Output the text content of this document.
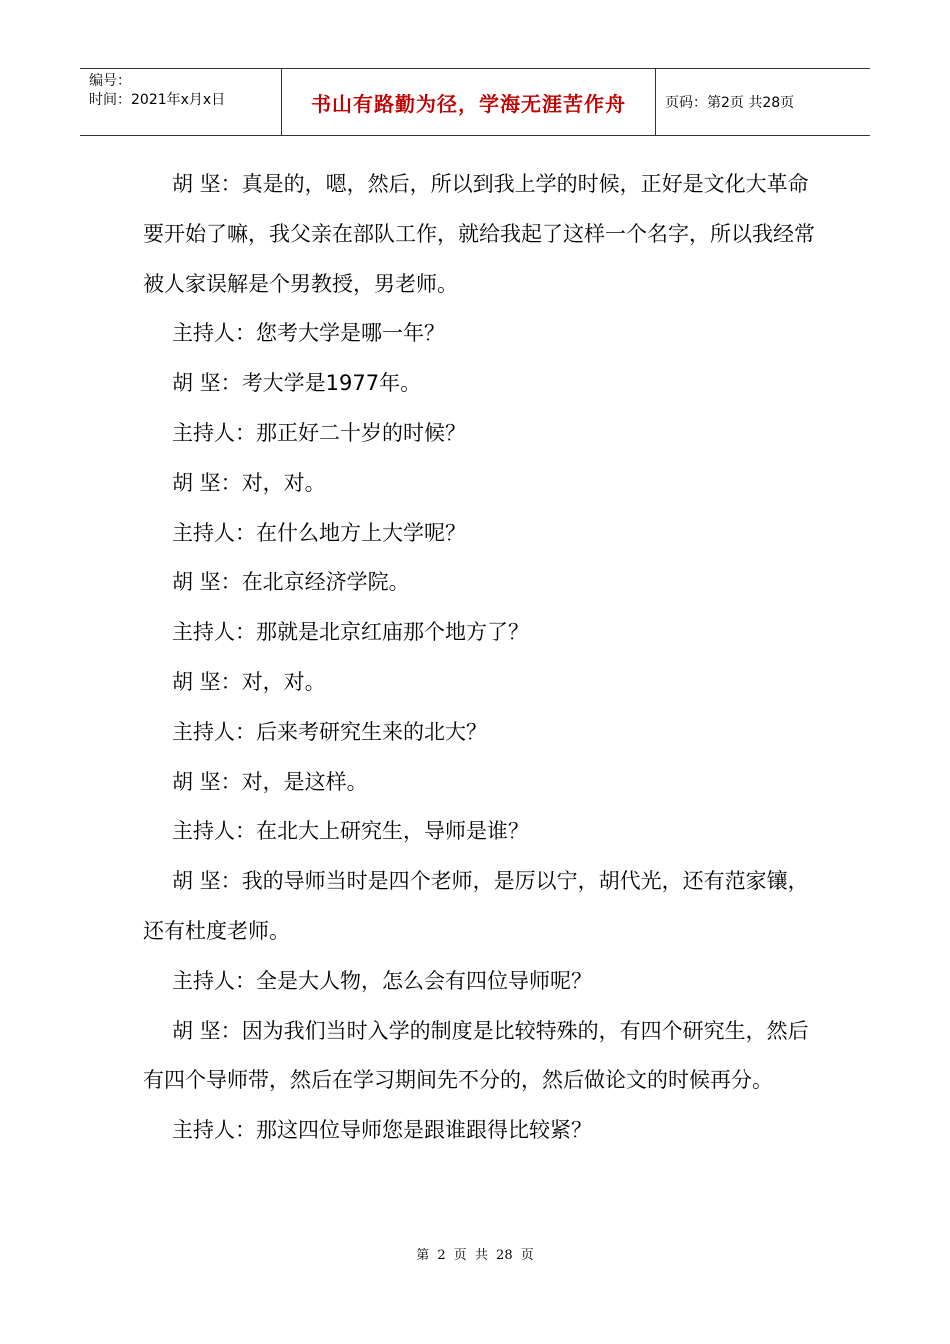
编号：
时间：2021年x月x日	书山有路勤为径，学海无涯苦作舟	页码：第2页 共28页

胡 坚：真是的，嗯，然后，所以到我上学的时候，正好是文化大革命要开始了嘛，我父亲在部队工作，就给我起了这样一个名字，所以我经常被人家误解是个男教授，男老师。

主持人：您考大学是哪一年？

胡 坚：考大学是1977年。

主持人：那正好二十岁的时候？

胡 坚：对，对。

主持人：在什么地方上大学呢？

胡 坚：在北京经济学院。

主持人：那就是北京红庙那个地方了？

胡 坚：对，对。

主持人：后来考研究生来的北大？

胡 坚：对，是这样。

主持人：在北大上研究生，导师是谁？

胡 坚：我的导师当时是四个老师，是厉以宁，胡代光，还有范家镶，还有杜度老师。

主持人：全是大人物，怎么会有四位导师呢？

胡 坚：因为我们当时入学的制度是比较特殊的，有四个研究生，然后有四个导师带，然后在学习期间先不分的，然后做论文的时候再分。

主持人：那这四位导师您是跟谁跟得比较紧？

第 2 页 共 28 页
